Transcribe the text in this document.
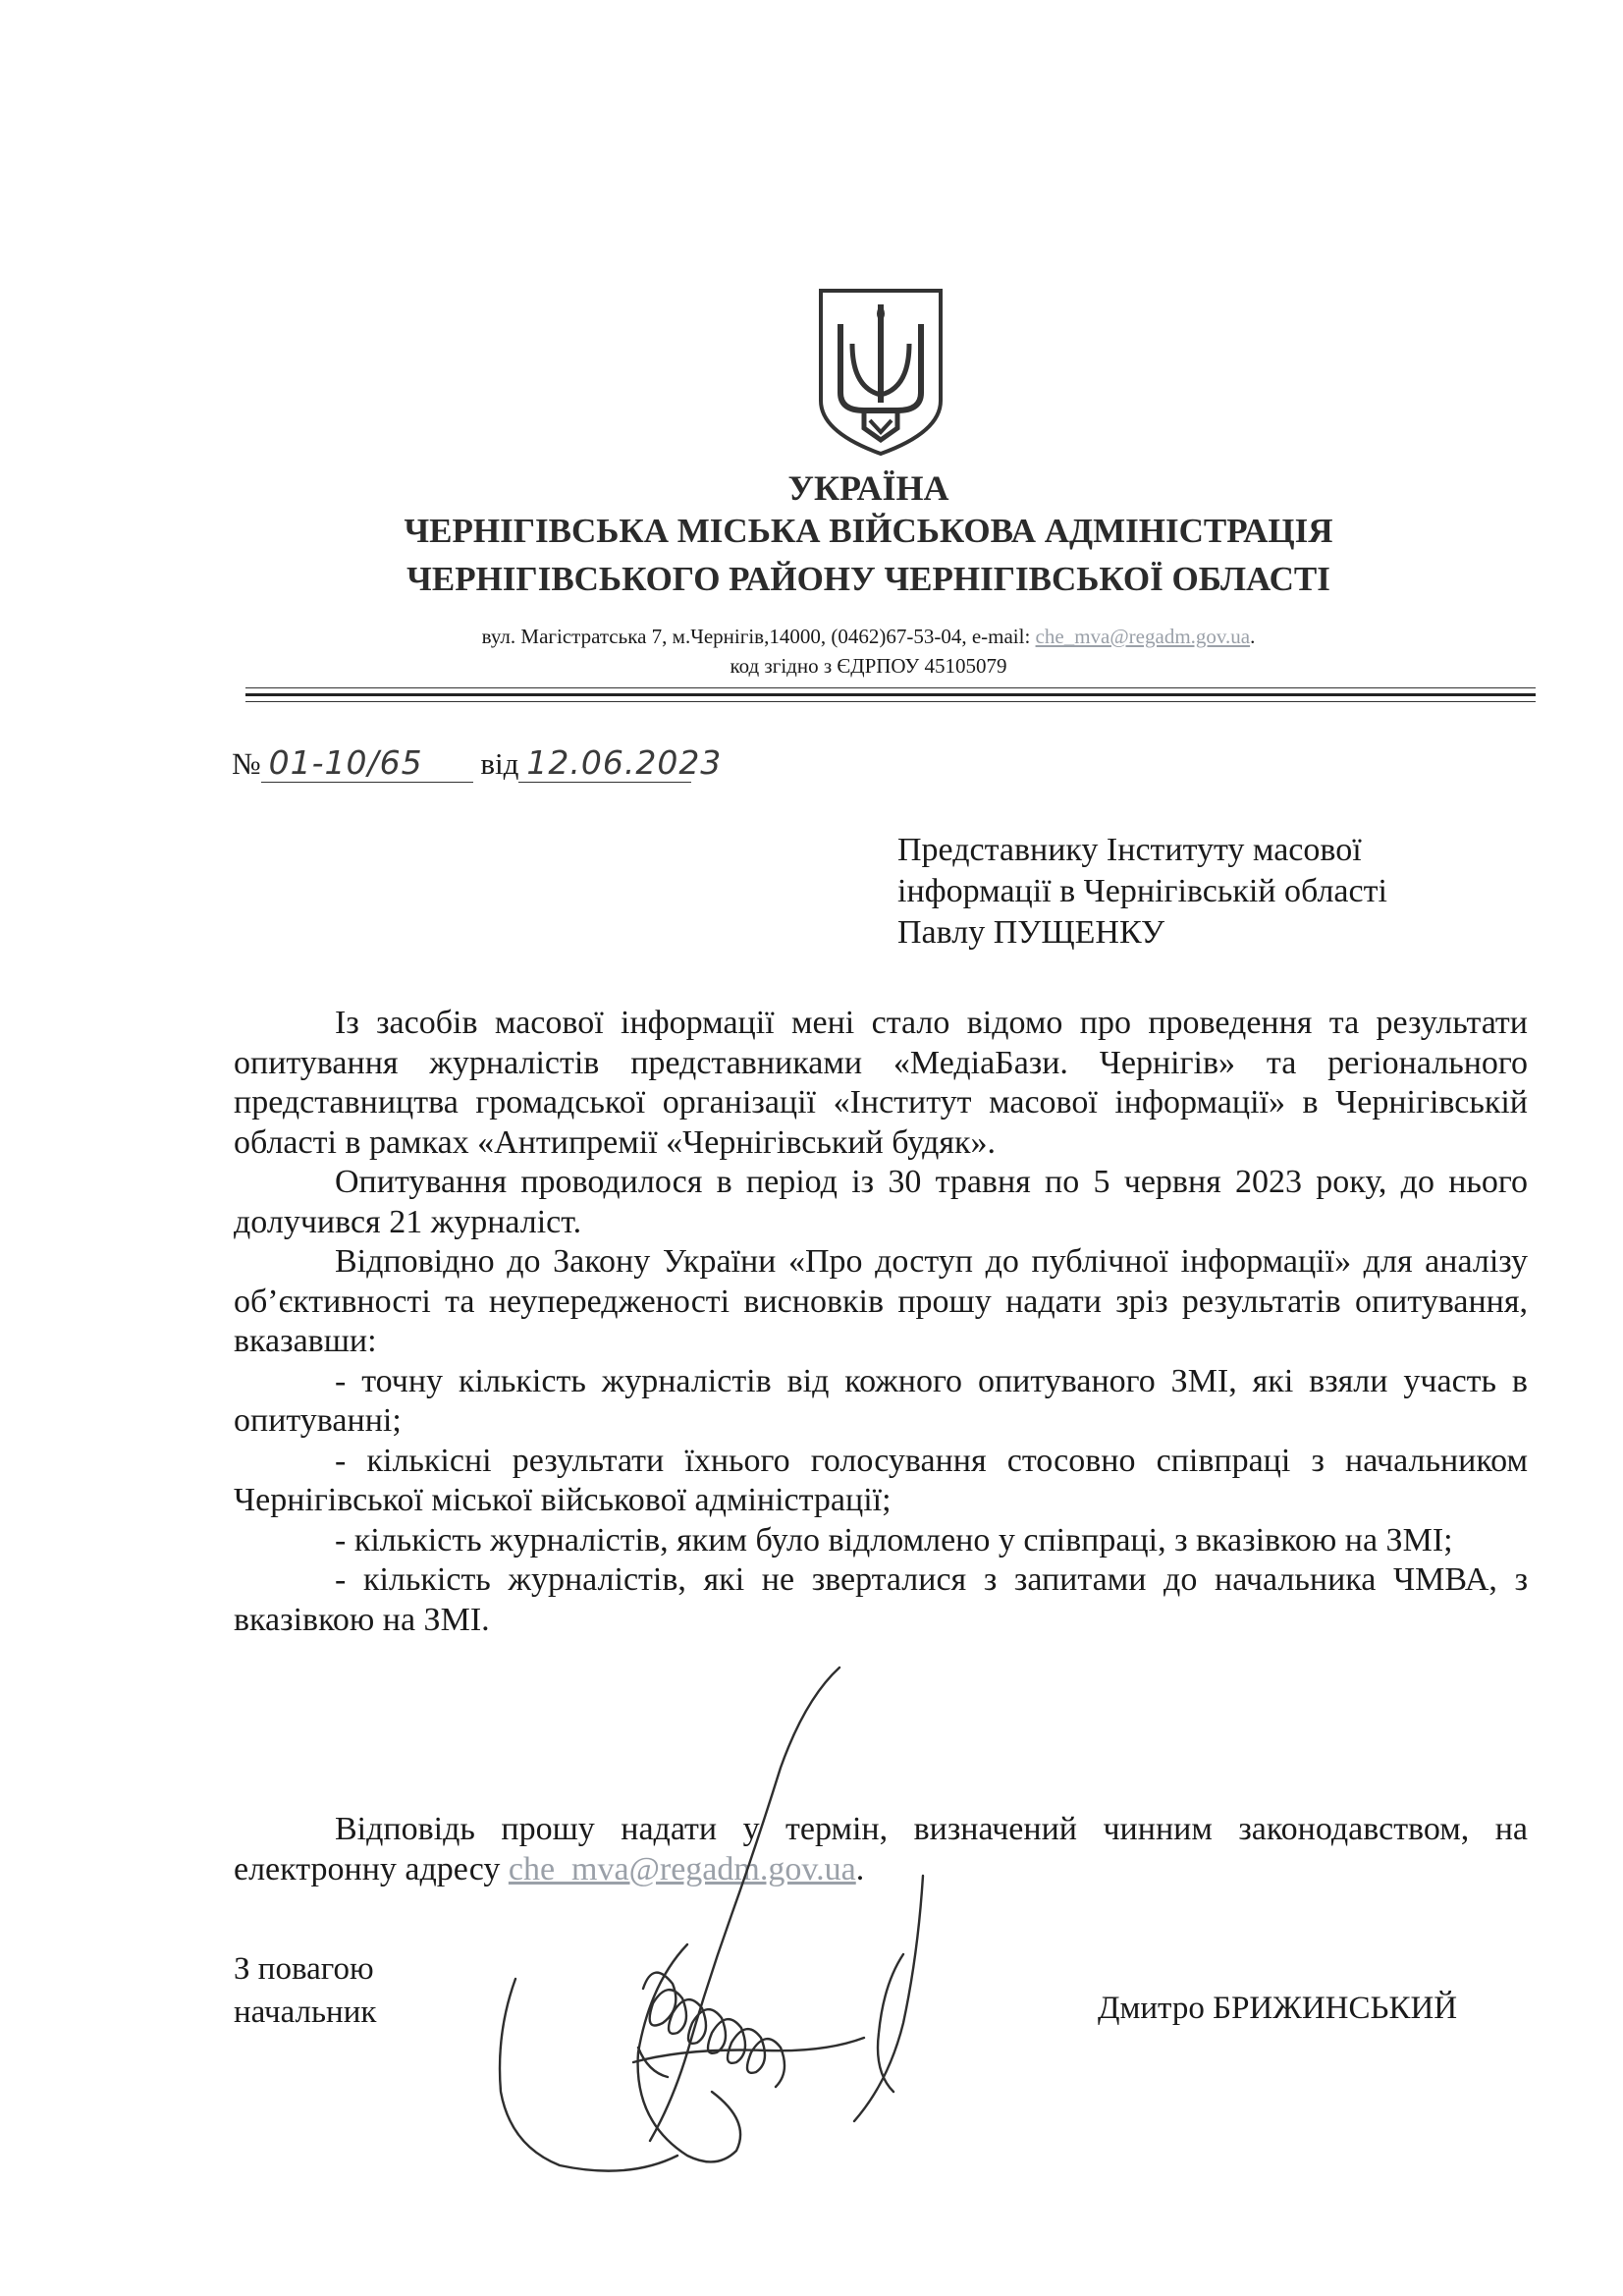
УКРАЇНА
ЧЕРНІГІВСЬКА МІСЬКА ВІЙСЬКОВА АДМІНІСТРАЦІЯ
ЧЕРНІГІВСЬКОГО РАЙОНУ ЧЕРНІГІВСЬКОЇ ОБЛАСТІ
вул. Магістратська 7, м.Чернігів,14000, (0462)67-53-04, e-mail: che_mva@regadm.gov.ua.
код згідно з ЄДРПОУ 45105079
№ 01-10/65 від 12.06.2023
Представнику Інституту масової
інформації в Чернігівській області
Павлу ПУЩЕНКУ

Із засобів масової інформації мені стало відомо про проведення та результати опитування журналістів представниками «МедіаБази. Чернігів» та регіонального представництва громадської організації «Інститут масової інформації» в Чернігівській області в рамках «Антипремії «Чернігівський будяк».

Опитування проводилося в період із 30 травня по 5 червня 2023 року, до нього долучився 21 журналіст.

Відповідно до Закону України «Про доступ до публічної інформації» для аналізу об’єктивності та неупередженості висновків прошу надати зріз результатів опитування, вказавши:

- точну кількість журналістів від кожного опитуваного ЗМІ, які взяли участь в опитуванні;

- кількісні результати їхнього голосування стосовно співпраці з начальником Чернігівської міської військової адміністрації;

- кількість журналістів, яким було відломлено у співпраці, з вказівкою на ЗМІ;

- кількість журналістів, які не зверталися з запитами до начальника ЧМВА, з вказівкою на ЗМІ.

Відповідь прошу надати у термін, визначений чинним законодавством, на електронну адресу che_mva@regadm.gov.ua.

З повагою
начальник	Дмитро БРИЖИНСЬКИЙ
